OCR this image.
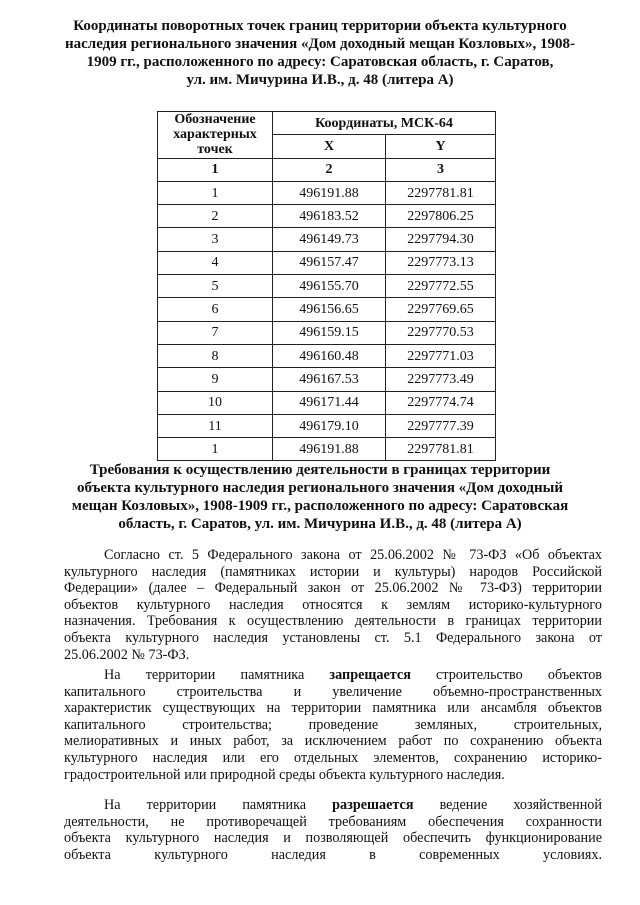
Координаты поворотных точек границ территории объекта культурного
наследия регионального значения «Дом доходный мещан Козловых», 1908-
1909 гг., расположенного по адресу: Саратовская область, г. Саратов,
ул. им. Мичурина И.В., д. 48 (литера А)
Обозначение
характерных
точек	Координаты, МСК-64	
	X	Y
1	2	3
1	496191.88	2297781.81
2	496183.52	2297806.25
3	496149.73	2297794.30
4	496157.47	2297773.13
5	496155.70	2297772.55
6	496156.65	2297769.65
7	496159.15	2297770.53
8	496160.48	2297771.03
9	496167.53	2297773.49
10	496171.44	2297774.74
11	496179.10	2297777.39
1	496191.88	2297781.81
Требования к осуществлению деятельности в границах территории
объекта культурного наследия регионального значения «Дом доходный
мещан Козловых», 1908-1909 гг., расположенного по адресу: Саратовская
область, г. Саратов, ул. им. Мичурина И.В., д. 48 (литера А)
Согласно ст. 5 Федерального закона от 25.06.2002 № 73-ФЗ «Об объектах
культурного наследия (памятниках истории и культуры) народов Российской
Федерации» (далее – Федеральный закон от 25.06.2002 № 73-ФЗ) территории
объектов культурного наследия относятся к землям историко-культурного
назначения. Требования к осуществлению деятельности в границах территории
объекта культурного наследия установлены ст. 5.1 Федерального закона от
25.06.2002 № 73-ФЗ.
На территории памятника запрещается строительство объектов
капитального строительства и увеличение объемно-пространственных
характеристик существующих на территории памятника или ансамбля объектов
капитального строительства; проведение земляных, строительных,
мелиоративных и иных работ, за исключением работ по сохранению объекта
культурного наследия или его отдельных элементов, сохранению историко-
градостроительной или природной среды объекта культурного наследия.
На территории памятника разрешается ведение хозяйственной
деятельности, не противоречащей требованиям обеспечения сохранности
объекта культурного наследия и позволяющей обеспечить функционирование
объекта культурного наследия в современных условиях.
